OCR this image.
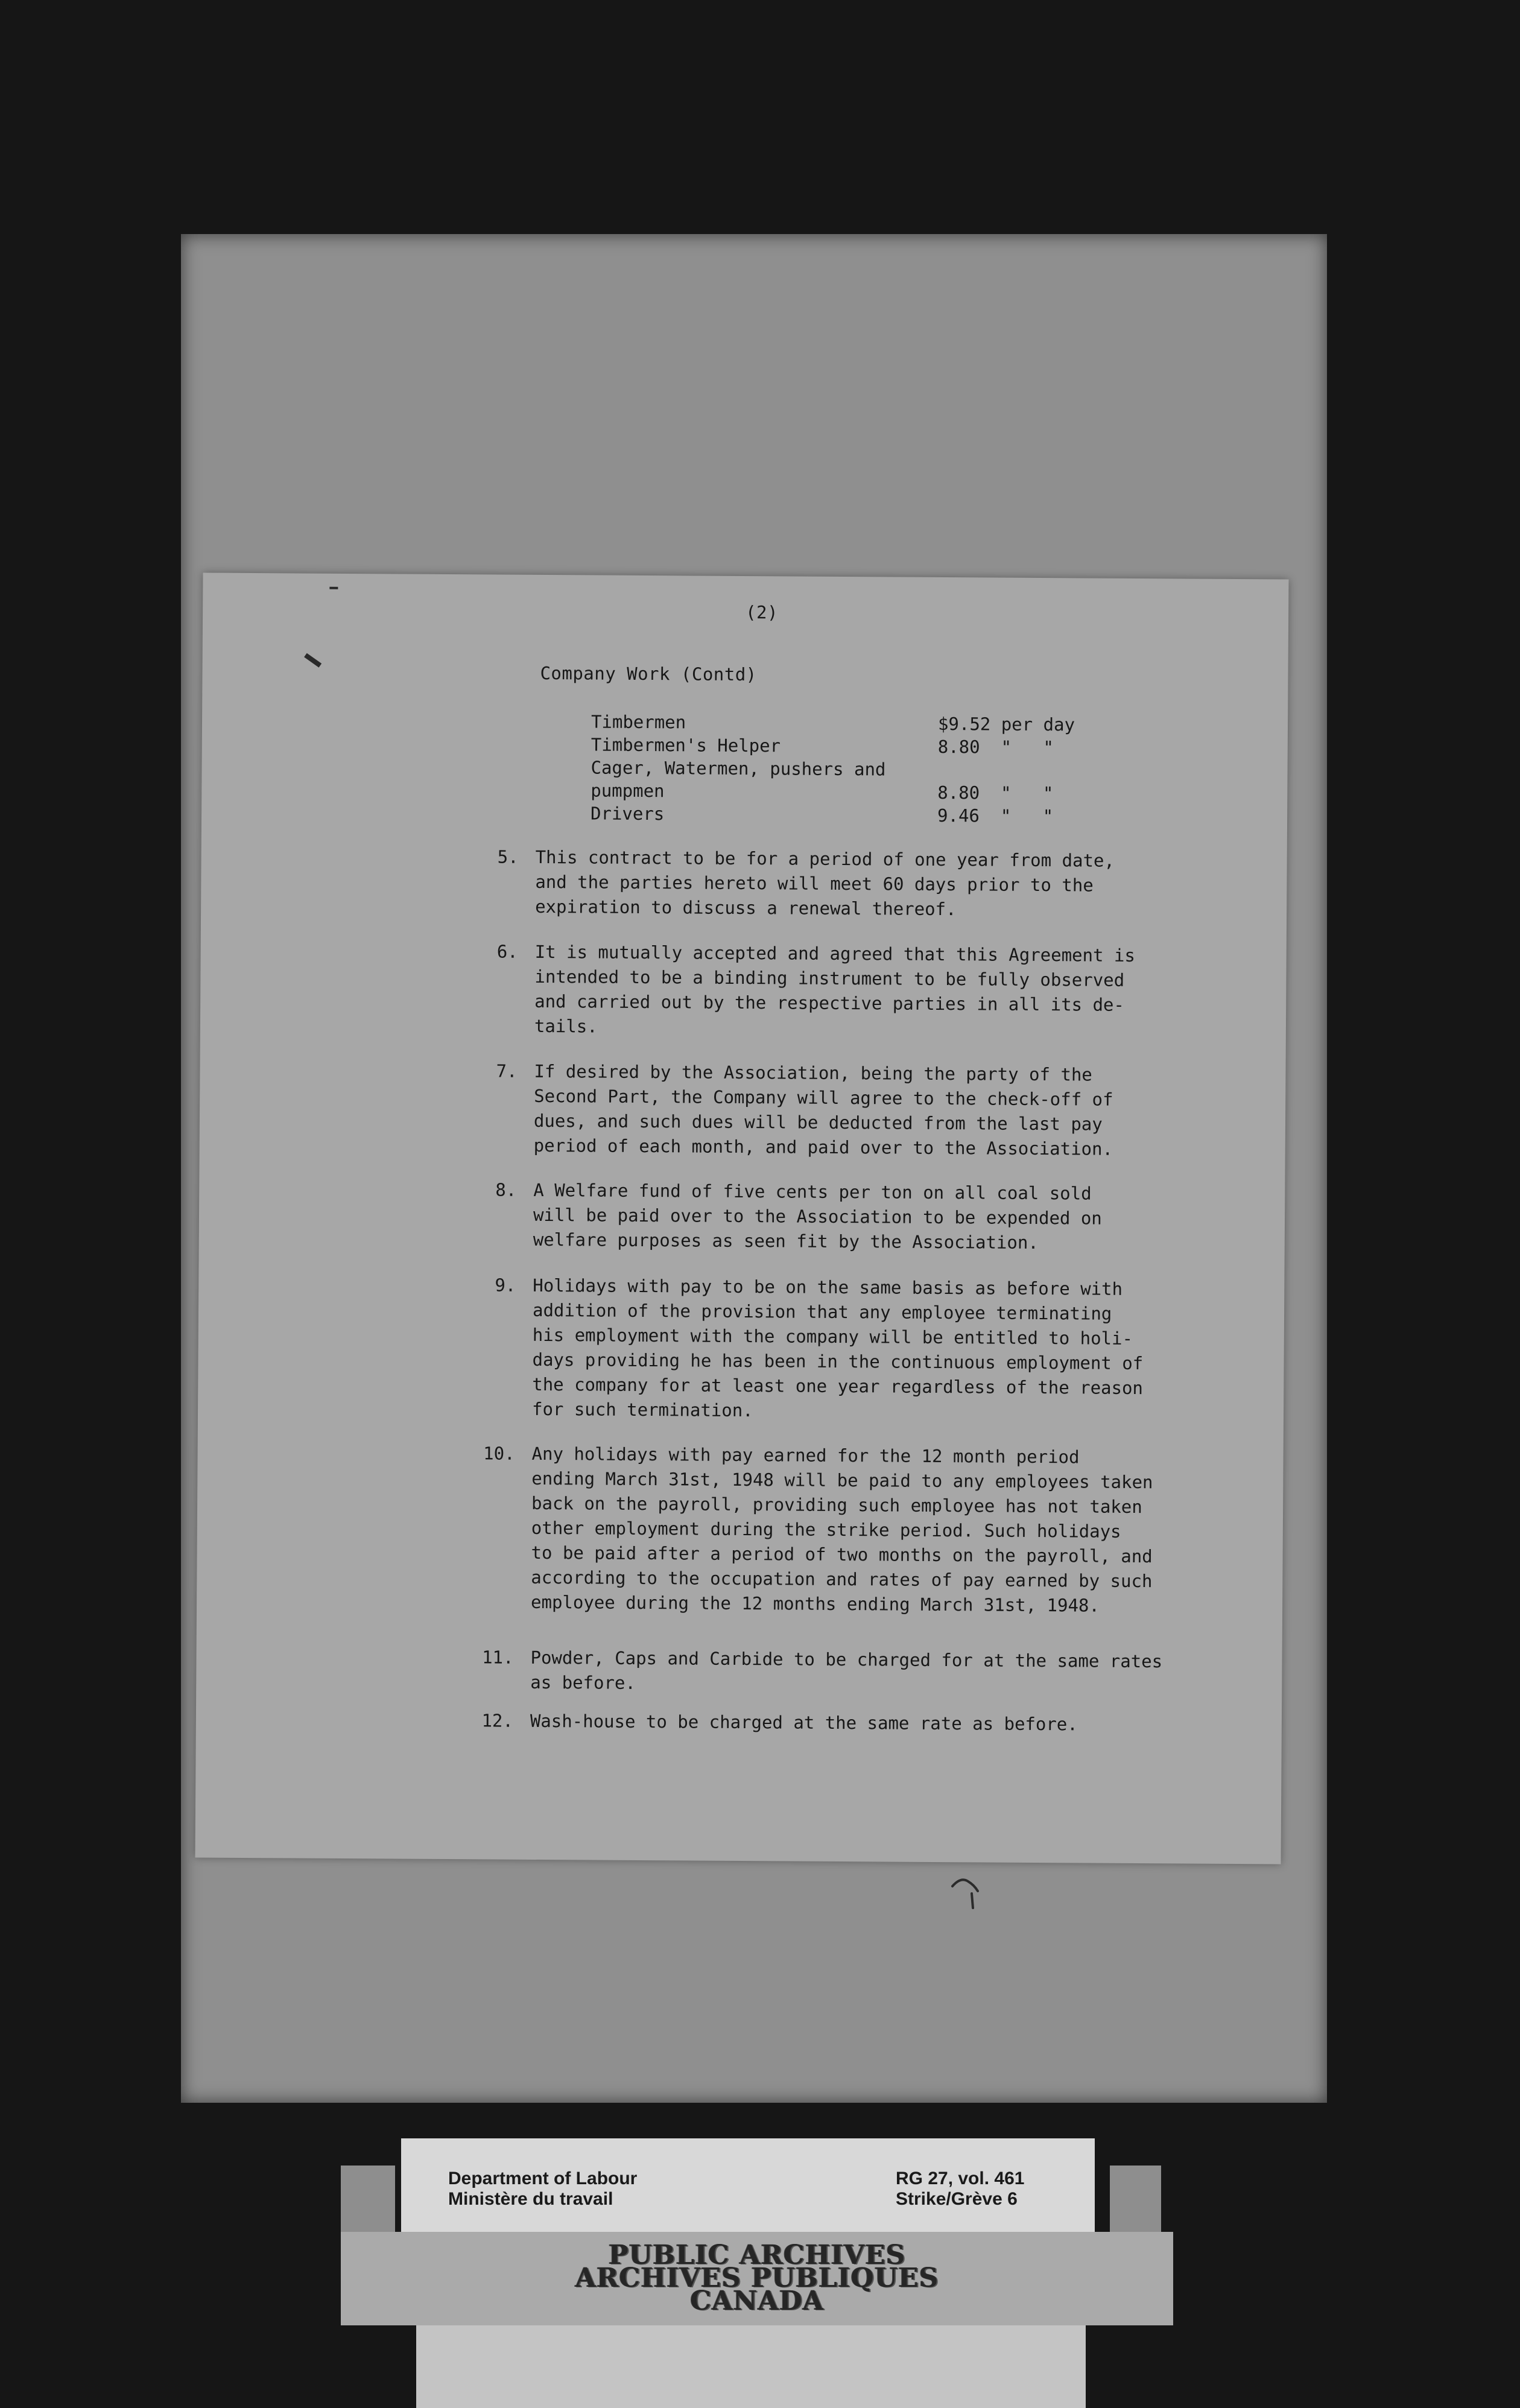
(2)
Company Work (Contd)
Timbermen	$9.52 per day
Timbermen's Helper	8.80  "   "
Cager, Watermen, pushers and
pumpmen	8.80  "   "
Drivers	9.46  "   "
5. This contract to be for a period of one year from date,
and the parties hereto will meet 60 days prior to the
expiration to discuss a renewal thereof.
6. It is mutually accepted and agreed that this Agreement is
intended to be a binding instrument to be fully observed
and carried out by the respective parties in all its de-
tails.
7. If desired by the Association, being the party of the
Second Part, the Company will agree to the check-off of
dues, and such dues will be deducted from the last pay
period of each month, and paid over to the Association.
8. A Welfare fund of five cents per ton on all coal sold
will be paid over to the Association to be expended on
welfare purposes as seen fit by the Association.
9. Holidays with pay to be on the same basis as before with
addition of the provision that any employee terminating
his employment with the company will be entitled to holi-
days providing he has been in the continuous employment of
the company for at least one year regardless of the reason
for such termination.
10. Any holidays with pay earned for the 12 month period
ending March 31st, 1948 will be paid to any employees taken
back on the payroll, providing such employee has not taken
other employment during the strike period. Such holidays
to be paid after a period of two months on the payroll, and
according to the occupation and rates of pay earned by such
employee during the 12 months ending March 31st, 1948.
11. Powder, Caps and Carbide to be charged for at the same rates
as before.
12. Wash-house to be charged at the same rate as before.
Department of Labour
Ministère du travail
RG 27, vol. 461
Strike/Grève 6
PUBLIC ARCHIVES
ARCHIVES PUBLIQUES
CANADA
